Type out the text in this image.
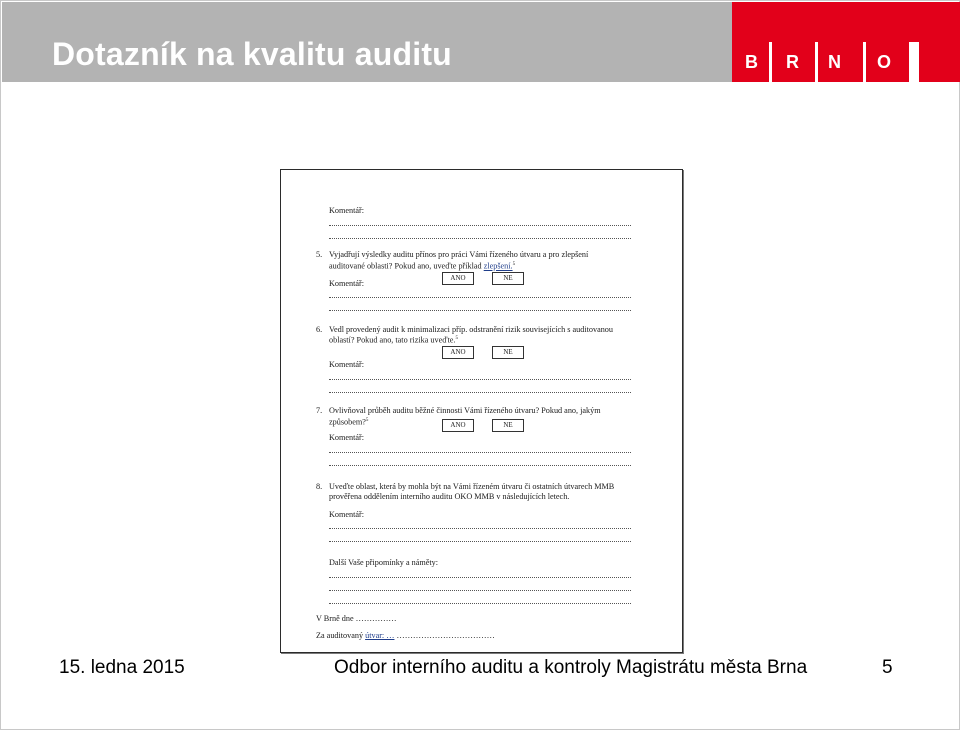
Dotazník na kvalitu auditu	B R N O
Komentář:
5. Vyjadřují výsledky auditu přínos pro práci Vámi řízeného útvaru a pro zlepšení
auditované oblasti? Pokud ano, uveďte příklad zlepšení.$^5$
ANO	NE
Komentář:
6. Vedl provedený audit k minimalizaci příp. odstranění rizik souvisejících s auditovanou
oblastí? Pokud ano, tato rizika uveďte.$^5$
ANO	NE
Komentář:
7. Ovlivňoval průběh auditu běžné činnosti Vámi řízeného útvaru? Pokud ano, jakým
způsobem?$^5$
ANO	NE
Komentář:
8. Uveďte oblast, která by mohla být na Vámi řízeném útvaru či ostatních útvarech MMB
prověřena oddělením interního auditu OKO MMB v následujících letech.
Komentář:
Další Vaše připomínky a náměty:
V Brně dne ……………
Za auditovaný útvar: … ………………………………
15. ledna 2015	Odbor interního auditu a kontroly Magistrátu města Brna	5
